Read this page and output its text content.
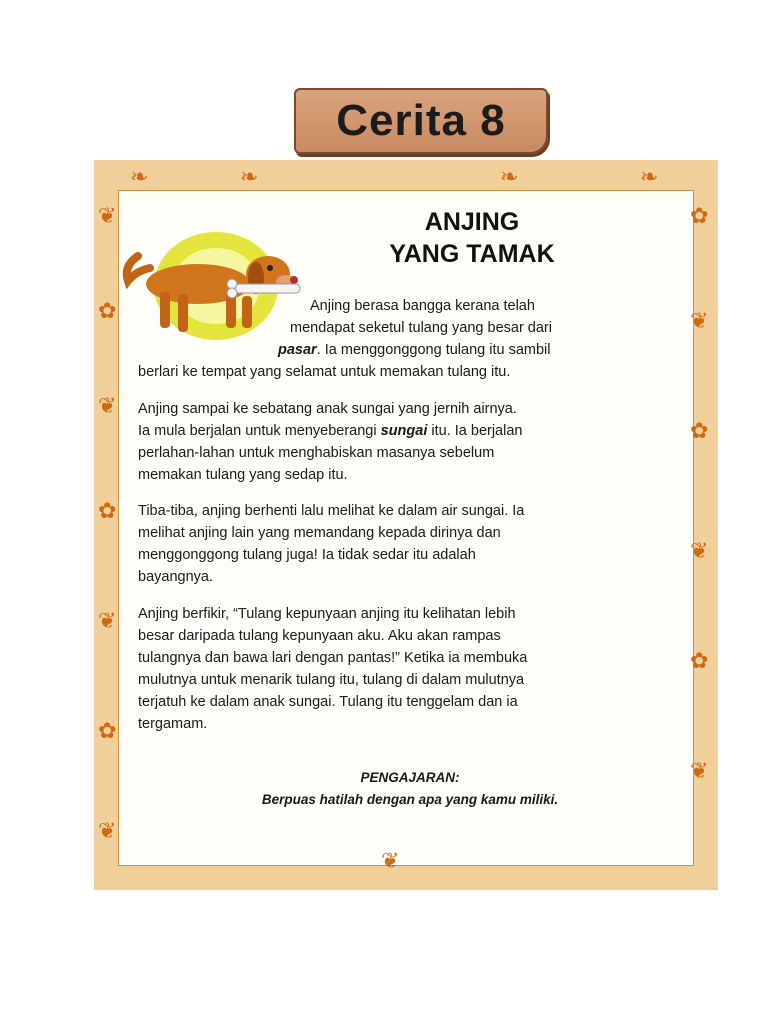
Cerita 8
❦
✿
❦
✿
❦
✿
❦
✿
❦
✿
❦
✿
❦
❧	❧	❧	❧
ANJING
YANG TAMAK

Anjing berasa bangga kerana telah

mendapat seketul tulang yang besar dari

pasar. Ia menggonggong tulang itu sambil

berlari ke tempat yang selamat untuk memakan tulang itu.

Anjing sampai ke sebatang anak sungai yang jernih airnya.

Ia mula berjalan untuk menyeberangi sungai itu. Ia berjalan

perlahan-lahan untuk menghabiskan masanya sebelum

memakan tulang yang sedap itu.

Tiba-tiba, anjing berhenti lalu melihat ke dalam air sungai. Ia

melihat anjing lain yang memandang kepada dirinya dan

menggonggong tulang juga! Ia tidak sedar itu adalah

bayangnya.

Anjing berfikir, “Tulang kepunyaan anjing itu kelihatan lebih

besar daripada tulang kepunyaan aku. Aku akan rampas

tulangnya dan bawa lari dengan pantas!” Ketika ia membuka

mulutnya untuk menarik tulang itu, tulang di dalam mulutnya

terjatuh ke dalam anak sungai. Tulang itu tenggelam dan ia

tergamam.

PENGAJARAN:
Berpuas hatilah dengan apa yang kamu miliki.
❦
